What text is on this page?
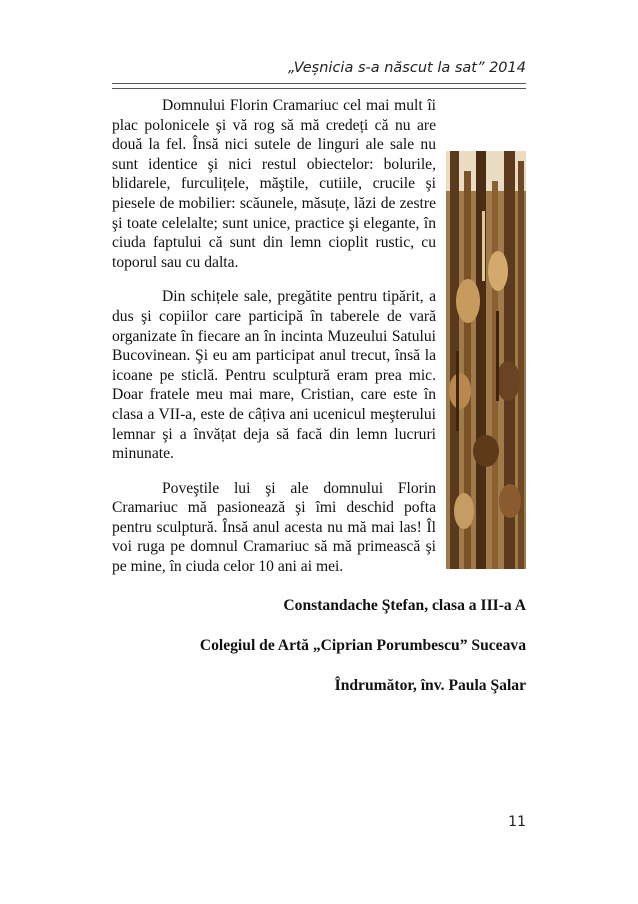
„Veșnicia s-a născut la sat” 2014

Domnului Florin Cramariuc cel mai mult îi plac polonicele şi vă rog să mă credeți că nu are două la fel. Însă nici sutele de linguri ale sale nu sunt identice şi nici restul obiectelor: bolurile, blidarele, furculițele, măştile, cutiile, crucile şi piesele de mobilier: scăunele, măsuțe, lăzi de zestre şi toate celelalte; sunt unice, practice şi elegante, în ciuda faptului că sunt din lemn cioplit rustic, cu toporul sau cu dalta.

Din schițele sale, pregătite pentru tipărit, a dus şi copiilor care participă în taberele de vară organizate în fiecare an în incinta Muzeului Satului Bucovinean. Şi eu am participat anul trecut, însă la icoane pe sticlă. Pentru sculptură eram prea mic. Doar fratele meu mai mare, Cristian, care este în clasa a VII-a, este de câțiva ani ucenicul meşterului lemnar şi a învățat deja să facă din lemn lucruri minunate.

Poveştile lui şi ale domnului Florin Cramariuc mă pasionează şi îmi deschid pofta pentru sculptură. Însă anul acesta nu mă mai las! Îl voi ruga pe domnul Cramariuc să mă primească şi pe mine, în ciuda celor 10 ani ai mei.

Constandache Ştefan, clasa a III-a A
Colegiul de Artă „Ciprian Porumbescu” Suceava
Îndrumător, înv. Paula Şalar
11
